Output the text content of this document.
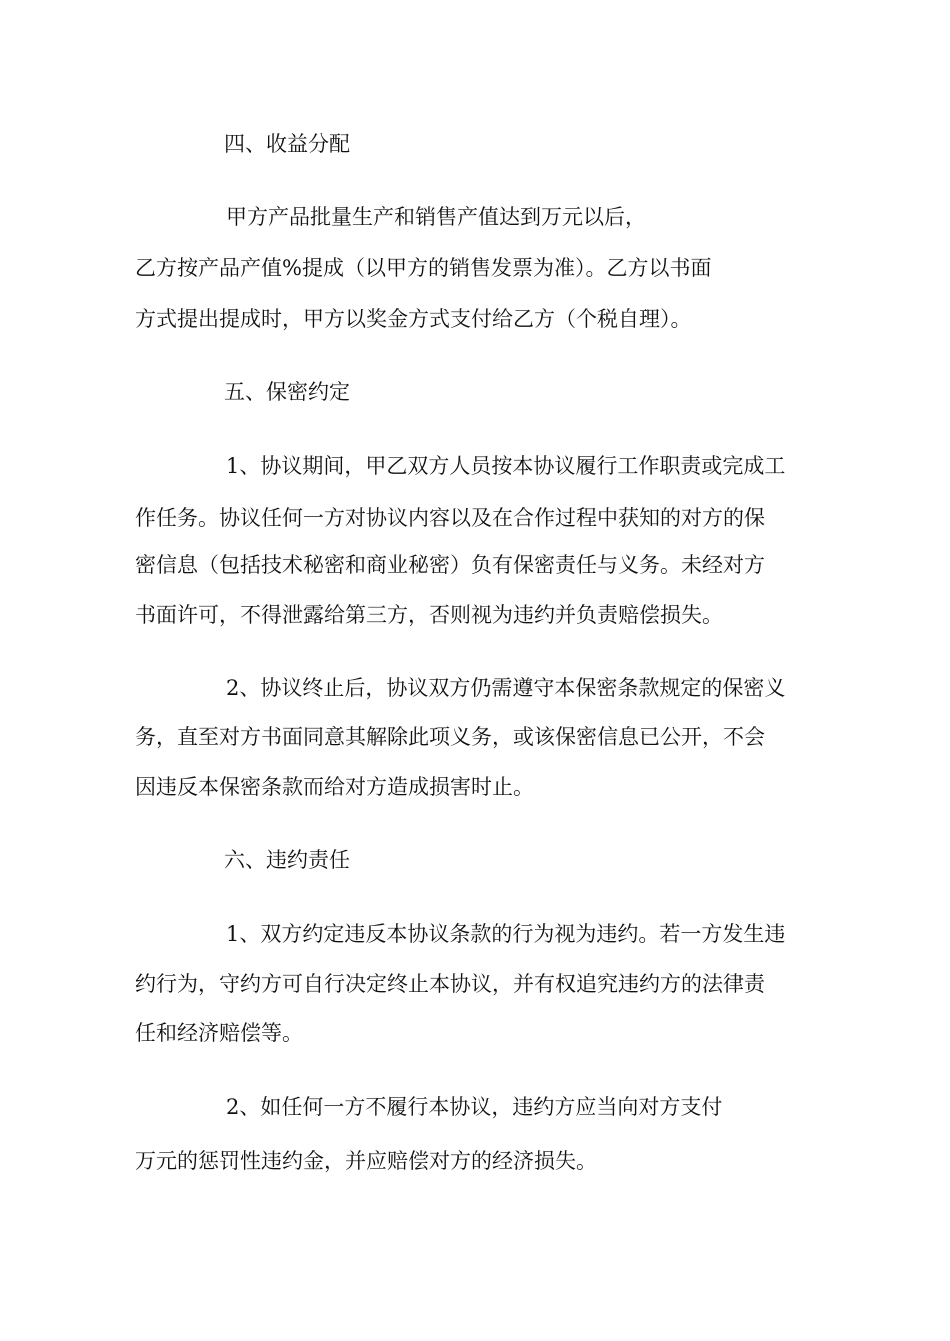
四、收益分配
甲方产品批量生产和销售产值达到万元以后，
乙方按产品产值%提成（以甲方的销售发票为准）。乙方以书面
方式提出提成时，甲方以奖金方式支付给乙方（个税自理）。
五、保密约定
1、协议期间，甲乙双方人员按本协议履行工作职责或完成工
作任务。协议任何一方对协议内容以及在合作过程中获知的对方的保
密信息（包括技术秘密和商业秘密）负有保密责任与义务。未经对方
书面许可，不得泄露给第三方，否则视为违约并负责赔偿损失。
2、协议终止后，协议双方仍需遵守本保密条款规定的保密义
务，直至对方书面同意其解除此项义务，或该保密信息已公开，不会
因违反本保密条款而给对方造成损害时止。
六、违约责任
1、双方约定违反本协议条款的行为视为违约。若一方发生违
约行为，守约方可自行决定终止本协议，并有权追究违约方的法律责
任和经济赔偿等。
2、如任何一方不履行本协议，违约方应当向对方支付
万元的惩罚性违约金，并应赔偿对方的经济损失。
